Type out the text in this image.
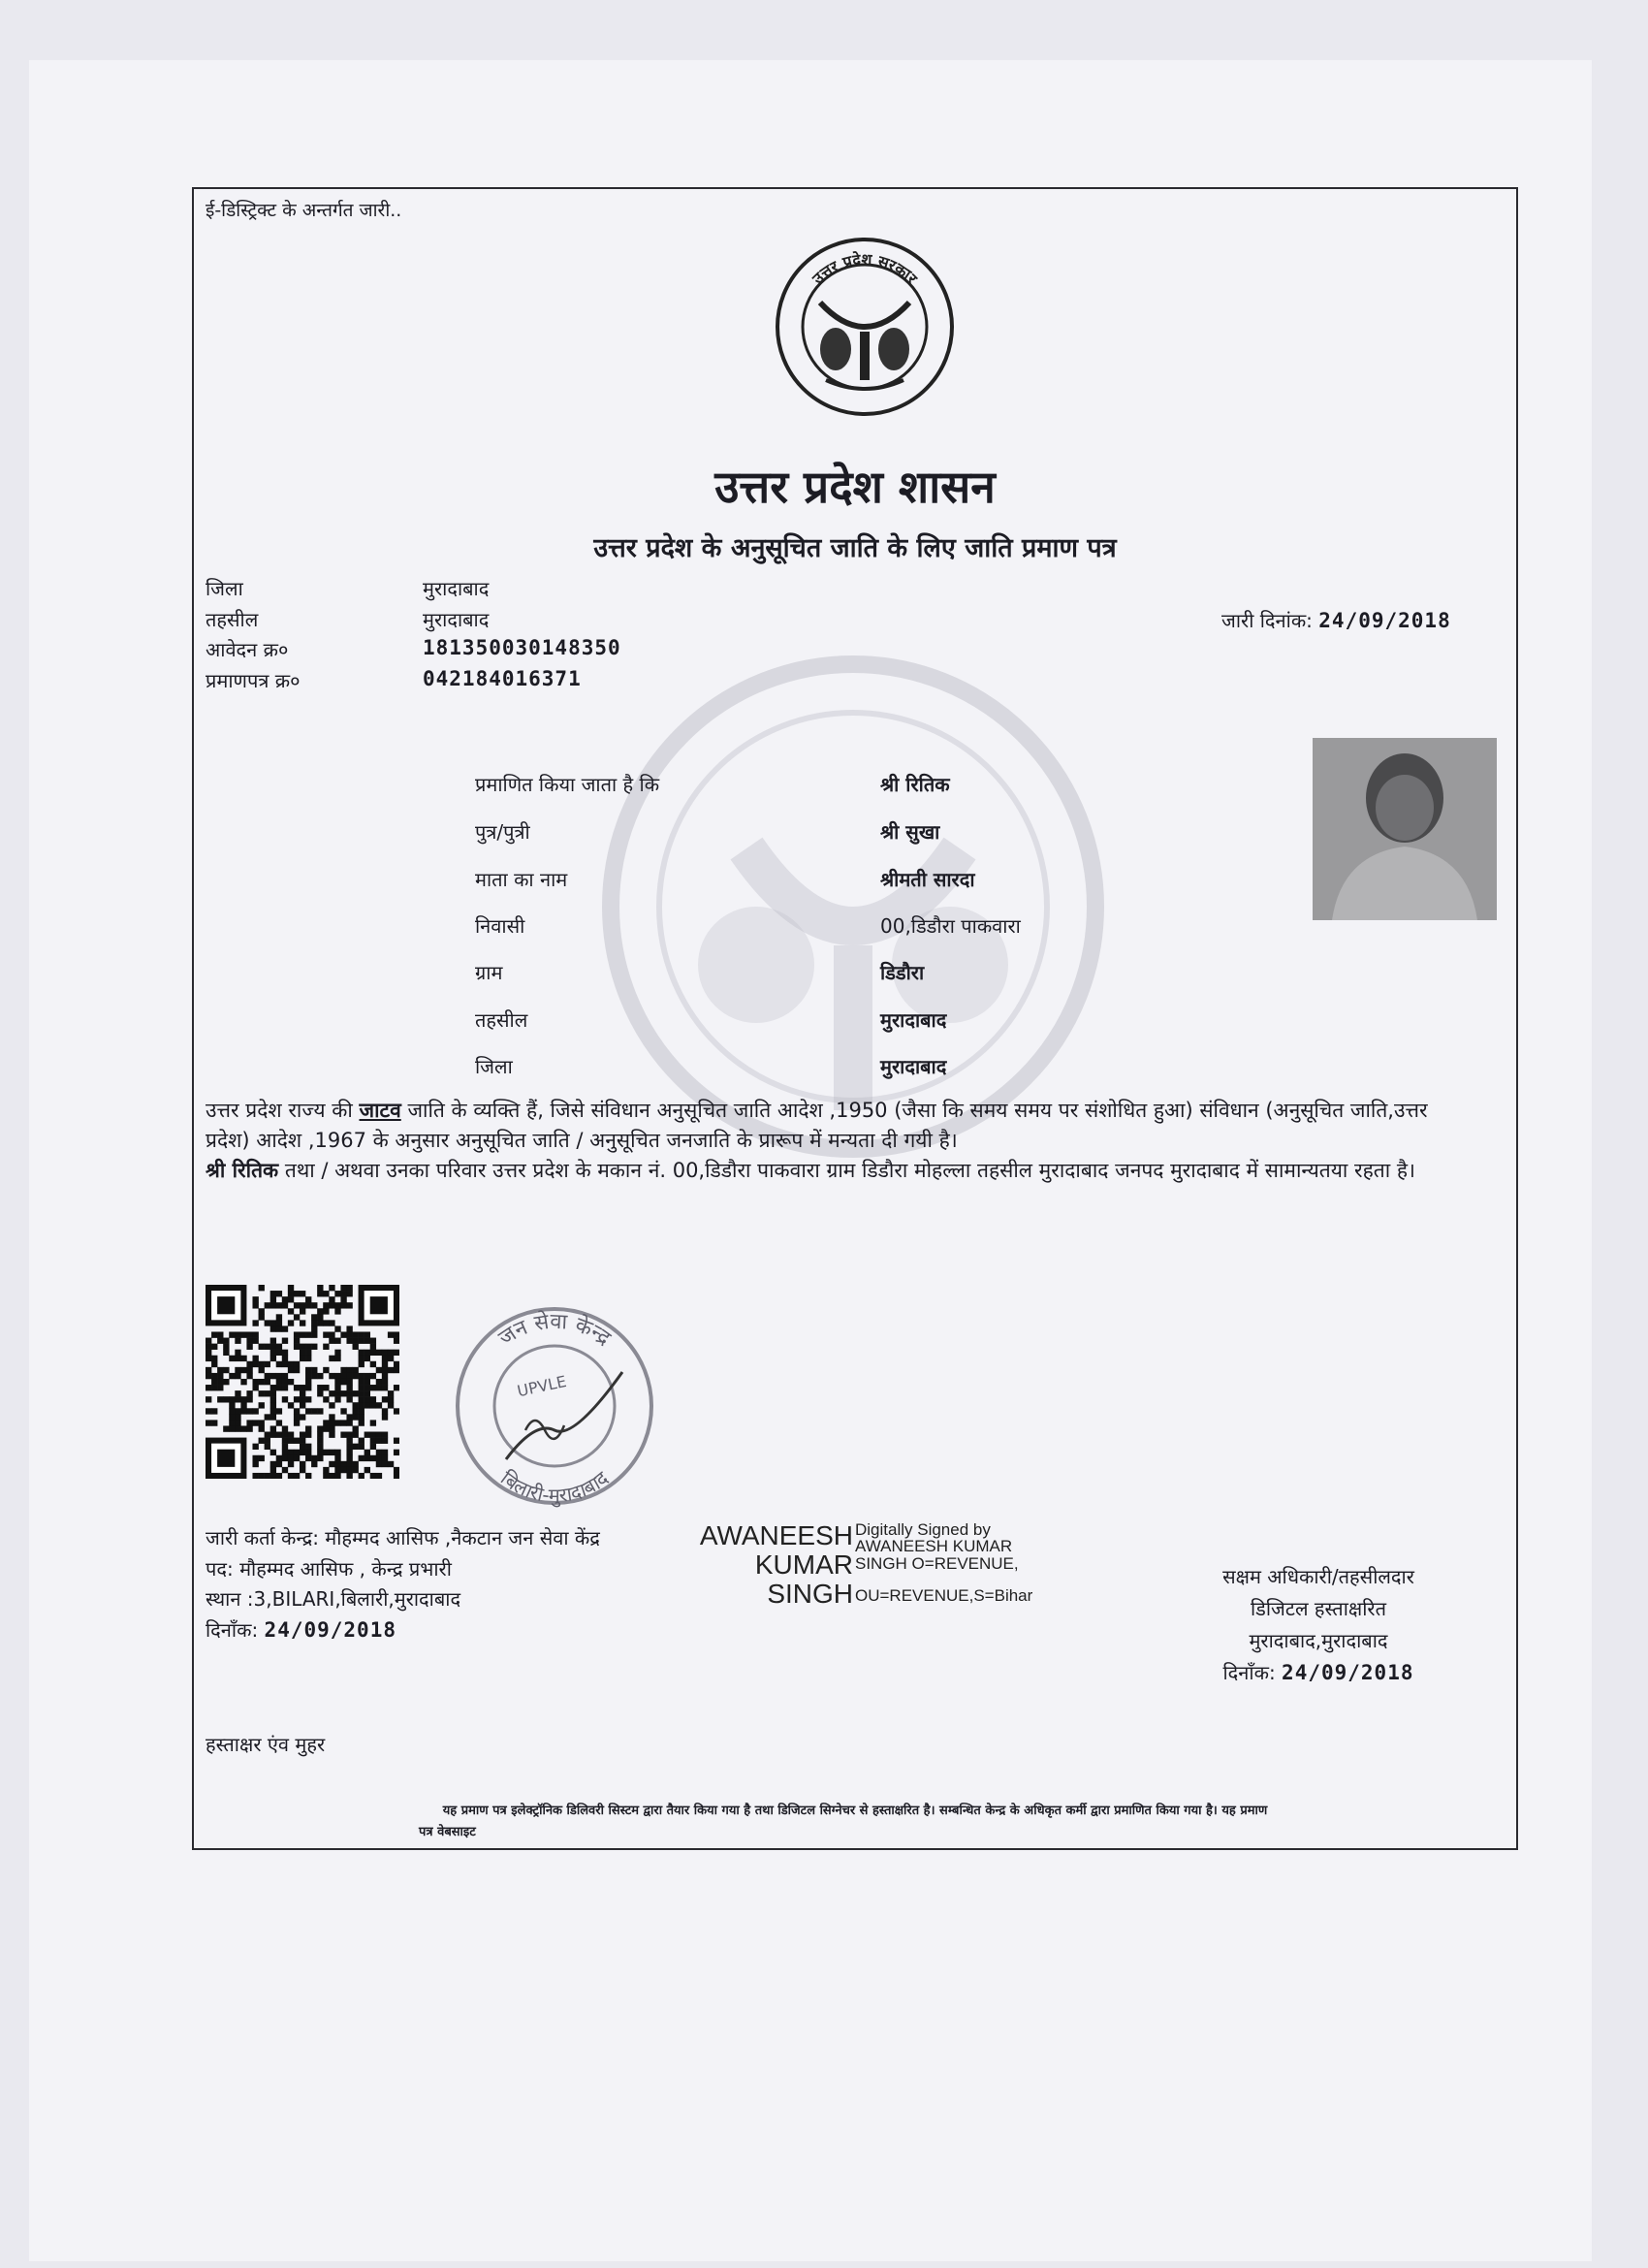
ई-डिस्ट्रिक्ट के अन्तर्गत जारी..
उत्तर प्रदेश सरकार
उत्तर प्रदेश शासन
उत्तर प्रदेश के अनुसूचित जाति के लिए जाति प्रमाण पत्र
जिला	मुरादाबाद
तहसील	मुरादाबाद
आवेदन क्र०	181350030148350
प्रमाणपत्र क्र०	042184016371
जारी दिनांक: 24/09/2018
प्रमाणित किया जाता है कि	श्री रितिक
पुत्र/पुत्री	श्री सुखा
माता का नाम	श्रीमती सारदा
निवासी	00,डिडौरा पाकवारा
ग्राम	डिडौरा
तहसील	मुरादाबाद
जिला	मुरादाबाद
उत्तर प्रदेश राज्य की जाटव जाति के व्यक्ति हैं, जिसे संविधान अनुसूचित जाति आदेश ,1950 (जैसा कि समय समय पर संशोधित हुआ) संविधान (अनुसूचित जाति,उत्तर प्रदेश) आदेश ,1967 के अनुसार अनुसूचित जाति / अनुसूचित जनजाति के प्रारूप में मन्यता दी गयी है।
श्री रितिक तथा / अथवा उनका परिवार उत्तर प्रदेश के मकान नं. 00,डिडौरा पाकवारा ग्राम डिडौरा मोहल्ला तहसील मुरादाबाद जनपद मुरादाबाद में सामान्यतया रहता है।
जन सेवा केन्द्र
बिलारी-मुरादाबाद
UPVLE
जारी कर्ता केन्द्र: मौहम्मद आसिफ ,नैकटान जन सेवा केंद्र
पद: मौहम्मद आसिफ , केन्द्र प्रभारी
स्थान :3,BILARI,बिलारी,मुरादाबाद
दिनाँक: 24/09/2018
AWANEESH
KUMAR
SINGH
Digitally Signed by
AWANEESH KUMAR
SINGH O=REVENUE,
OU=REVENUE,S=Bihar
सक्षम अधिकारी/तहसीलदार
डिजिटल हस्ताक्षरित
मुरादाबाद,मुरादाबाद
दिनाँक: 24/09/2018
हस्ताक्षर एंव मुहर
यह प्रमाण पत्र इलेक्ट्रॉनिक डिलिवरी सिस्टम द्वारा तैयार किया गया है तथा डिजिटल सिग्नेचर से हस्ताक्षरित है। सम्बन्धित केन्द्र के अधिकृत कर्मी द्वारा प्रमाणित किया गया है। यह प्रमाण
पत्र वेबसाइट
